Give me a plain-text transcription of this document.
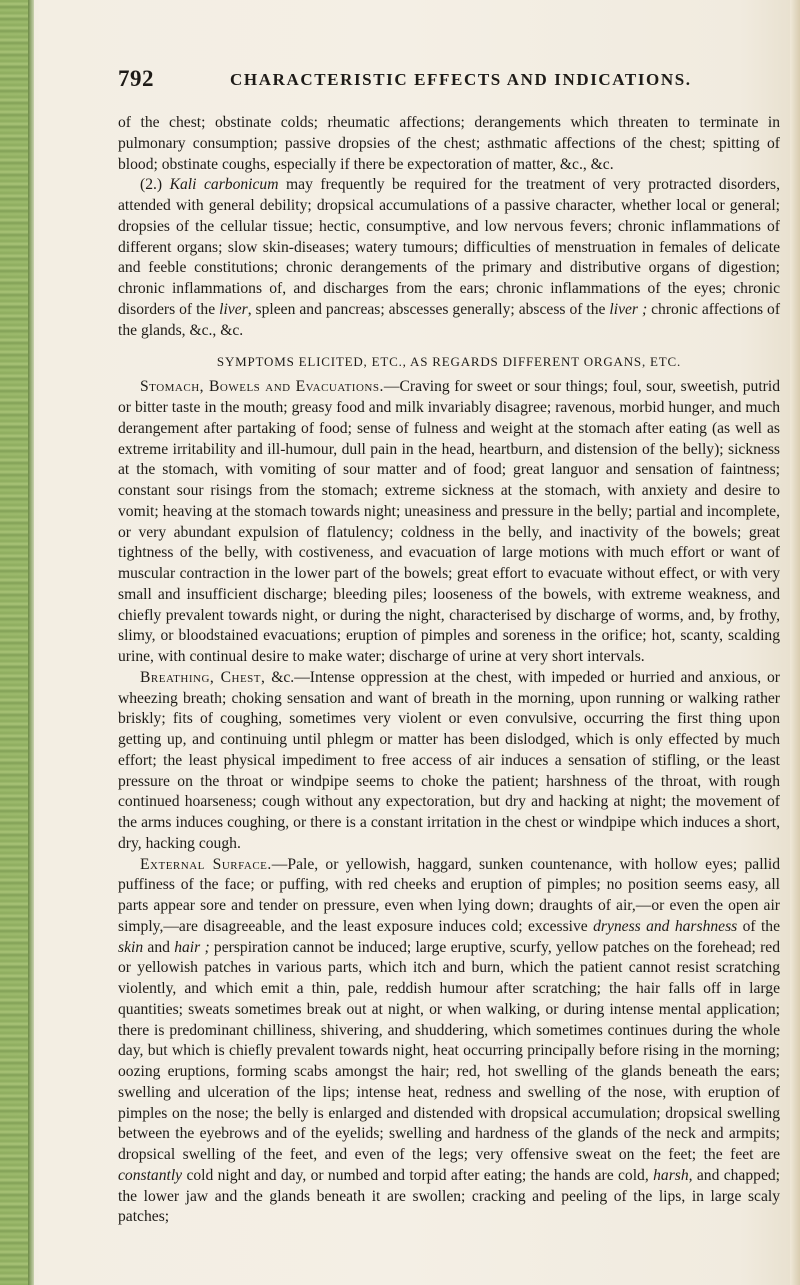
792	CHARACTERISTIC EFFECTS AND INDICATIONS.

of the chest; obstinate colds; rheumatic affections; derangements which threaten to terminate in pulmonary consumption; passive dropsies of the chest; asthmatic affections of the chest; spitting of blood; obstinate coughs, especially if there be expectoration of matter, &c., &c.

(2.) Kali carbonicum may frequently be required for the treatment of very protracted disorders, attended with general debility; dropsical accumulations of a passive character, whether local or general; dropsies of the cellular tissue; hectic, consumptive, and low nervous fevers; chronic inflammations of different organs; slow skin-diseases; watery tumours; difficulties of menstruation in females of delicate and feeble constitutions; chronic derangements of the primary and distributive organs of digestion; chronic inflammations of, and discharges from the ears; chronic inflammations of the eyes; chronic disorders of the liver, spleen and pancreas; abscesses generally; abscess of the liver ; chronic affections of the glands, &c., &c.

SYMPTOMS ELICITED, ETC., AS REGARDS DIFFERENT ORGANS, ETC.

Stomach, Bowels and Evacuations.—Craving for sweet or sour things; foul, sour, sweetish, putrid or bitter taste in the mouth; greasy food and milk invariably disagree; ravenous, morbid hunger, and much derangement after partaking of food; sense of fulness and weight at the stomach after eating (as well as extreme irritability and ill-humour, dull pain in the head, heartburn, and distension of the belly); sickness at the stomach, with vomiting of sour matter and of food; great languor and sensation of faintness; constant sour risings from the stomach; extreme sickness at the stomach, with anxiety and desire to vomit; heaving at the stomach towards night; uneasiness and pressure in the belly; partial and incomplete, or very abundant expulsion of flatulency; coldness in the belly, and inactivity of the bowels; great tightness of the belly, with costiveness, and evacuation of large motions with much effort or want of muscular contraction in the lower part of the bowels; great effort to evacuate without effect, or with very small and insufficient discharge; bleeding piles; looseness of the bowels, with extreme weakness, and chiefly prevalent towards night, or during the night, characterised by discharge of worms, and, by frothy, slimy, or bloodstained evacuations; eruption of pimples and soreness in the orifice; hot, scanty, scalding urine, with continual desire to make water; discharge of urine at very short intervals.

Breathing, Chest, &c.—Intense oppression at the chest, with impeded or hurried and anxious, or wheezing breath; choking sensation and want of breath in the morning, upon running or walking rather briskly; fits of coughing, sometimes very violent or even convulsive, occurring the first thing upon getting up, and continuing until phlegm or matter has been dislodged, which is only effected by much effort; the least physical impediment to free access of air induces a sensation of stifling, or the least pressure on the throat or windpipe seems to choke the patient; harshness of the throat, with rough continued hoarseness; cough without any expectoration, but dry and hacking at night; the movement of the arms induces coughing, or there is a constant irritation in the chest or windpipe which induces a short, dry, hacking cough.

External Surface.—Pale, or yellowish, haggard, sunken countenance, with hollow eyes; pallid puffiness of the face; or puffing, with red cheeks and eruption of pimples; no position seems easy, all parts appear sore and tender on pressure, even when lying down; draughts of air,—or even the open air simply,—are disagreeable, and the least exposure induces cold; excessive dryness and harshness of the skin and hair ; perspiration cannot be induced; large eruptive, scurfy, yellow patches on the forehead; red or yellowish patches in various parts, which itch and burn, which the patient cannot resist scratching violently, and which emit a thin, pale, reddish humour after scratching; the hair falls off in large quantities; sweats sometimes break out at night, or when walking, or during intense mental application; there is predominant chilliness, shivering, and shuddering, which sometimes continues during the whole day, but which is chiefly prevalent towards night, heat occurring principally before rising in the morning; oozing eruptions, forming scabs amongst the hair; red, hot swelling of the glands beneath the ears; swelling and ulceration of the lips; intense heat, redness and swelling of the nose, with eruption of pimples on the nose; the belly is enlarged and distended with dropsical accumulation; dropsical swelling between the eyebrows and of the eyelids; swelling and hardness of the glands of the neck and armpits; dropsical swelling of the feet, and even of the legs; very offensive sweat on the feet; the feet are constantly cold night and day, or numbed and torpid after eating; the hands are cold, harsh, and chapped; the lower jaw and the glands beneath it are swollen; cracking and peeling of the lips, in large scaly patches;
